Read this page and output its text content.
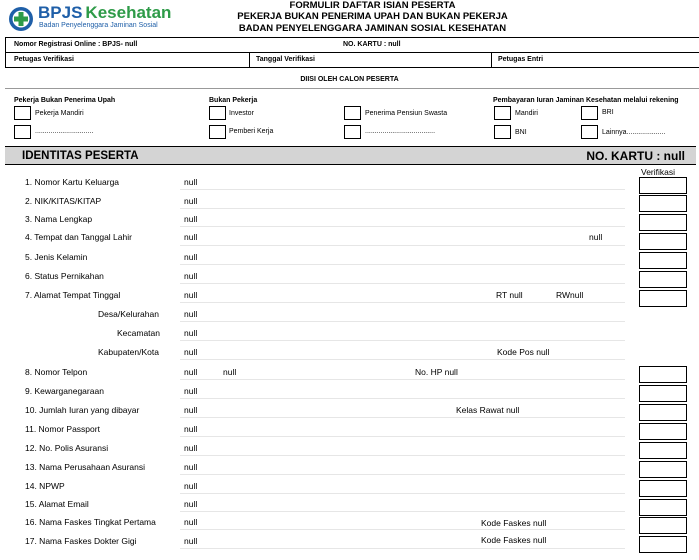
BPJS Kesehatan
Badan Penyelenggara Jaminan Sosial
FORMULIR DAFTAR ISIAN PESERTA
PEKERJA BUKAN PENERIMA UPAH DAN BUKAN PEKERJA
BADAN PENYELENGGARA JAMINAN SOSIAL KESEHATAN
Nomor Registrasi Online : BPJS- null	NO. KARTU : null
Petugas Verifikasi	Tanggal Verifikasi	Petugas Entri
DIISI OLEH CALON PESERTA
Pekerja Bukan Penerima Upah
Pekerja Mandiri
..............................
Bukan Pekerja
Investor
Pemberi Kerja
Penerima Pensiun Swasta
....................................
Pembayaran Iuran Jaminan Kesehatan melalui rekening
Mandiri	BRI
BNI	Lainnya....................
IDENTITAS PESERTA	NO. KARTU : null
Verifikasi
1. Nomor Kartu Keluarga	null
2. NIK/KITAS/KITAP	null
3. Nama Lengkap	null
4. Tempat dan Tanggal Lahir	null	null
5. Jenis Kelamin	null
6. Status Pernikahan	null
7. Alamat Tempat Tinggal	null	RT null	RWnull
Desa/Kelurahan	null
Kecamatan	null
Kabupaten/Kota	null	Kode Pos null
8. Nomor Telpon	null	null	No. HP null
9. Kewarganegaraan	null
10. Jumlah Iuran yang dibayar	null	Kelas Rawat null
11. Nomor Passport	null
12. No. Polis Asuransi	null
13. Nama Perusahaan Asuransi	null
14. NPWP	null
15. Alamat Email	null
16. Nama Faskes Tingkat Pertama	null	Kode Faskes null
17. Nama Faskes Dokter Gigi	null	Kode Faskes null
